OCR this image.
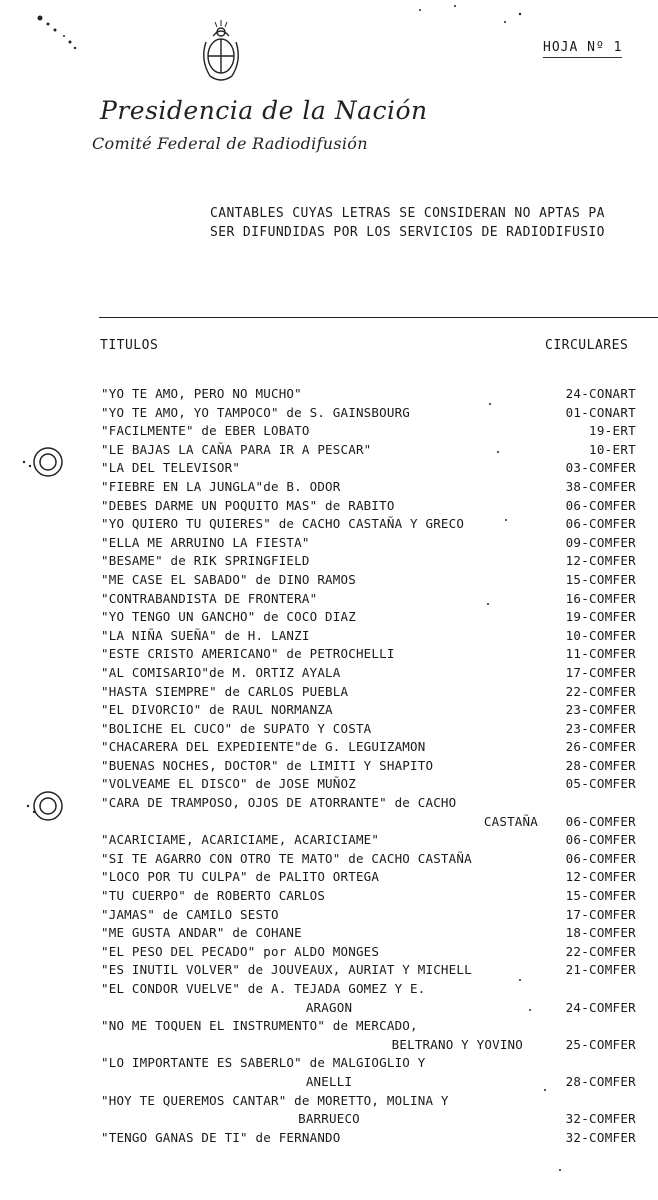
HOJA Nº 1
Presidencia de la Nación
Comité Federal de Radiodifusión
CANTABLES CUYAS LETRAS SE CONSIDERAN NO APTAS PA
SER DIFUNDIDAS POR LOS SERVICIOS DE RADIODIFUSIO
TITULOS	CIRCULARES
"YO TE AMO, PERO NO MUCHO"	24-CONART
"YO TE AMO, YO TAMPOCO" de S. GAINSBOURG	01-CONART
"FACILMENTE" de EBER LOBATO	19-ERT
"LE BAJAS LA CAÑA PARA IR A PESCAR"	10-ERT
"LA DEL TELEVISOR"	03-COMFER
"FIEBRE EN LA JUNGLA"de B. ODOR	38-COMFER
"DEBES DARME UN POQUITO MAS" de RABITO	06-COMFER
"YO QUIERO TU QUIERES" de CACHO CASTAÑA Y GRECO	06-COMFER
"ELLA ME ARRUINO LA FIESTA"	09-COMFER
"BESAME" de RIK SPRINGFIELD	12-COMFER
"ME CASE EL SABADO" de DINO RAMOS	15-COMFER
"CONTRABANDISTA DE FRONTERA"	16-COMFER
"YO TENGO UN GANCHO" de COCO DIAZ	19-COMFER
"LA NIÑA SUEÑA" de H. LANZI	10-COMFER
"ESTE CRISTO AMERICANO" de PETROCHELLI	11-COMFER
"AL COMISARIO"de M. ORTIZ AYALA	17-COMFER
"HASTA SIEMPRE" de CARLOS PUEBLA	22-COMFER
"EL DIVORCIO" de RAUL NORMANZA	23-COMFER
"BOLICHE EL CUCO" de SUPATO Y COSTA	23-COMFER
"CHACARERA DEL EXPEDIENTE"de G. LEGUIZAMON	26-COMFER
"BUENAS NOCHES, DOCTOR" de LIMITI Y SHAPITO	28-COMFER
"VOLVEAME EL DISCO" de JOSE MUÑOZ	05-COMFER
"CARA DE TRAMPOSO, OJOS DE ATORRANTE" de CACHO
CASTAÑA 06-COMFER
"ACARICIAME, ACARICIAME, ACARICIAME"	06-COMFER
"SI TE AGARRO CON OTRO TE MATO" de CACHO CASTAÑA	06-COMFER
"LOCO POR TU CULPA" de PALITO ORTEGA	12-COMFER
"TU CUERPO" de ROBERTO CARLOS	15-COMFER
"JAMAS" de CAMILO SESTO	17-COMFER
"ME GUSTA ANDAR" de COHANE	18-COMFER
"EL PESO DEL PECADO" por ALDO MONGES	22-COMFER
"ES INUTIL VOLVER" de JOUVEAUX, AURIAT Y MICHELL	21-COMFER
"EL CONDOR VUELVE" de A. TEJADA GOMEZ Y E.
ARAGON	24-COMFER
"NO ME TOQUEN EL INSTRUMENTO" de MERCADO,
BELTRANO Y YOVINO	25-COMFER
"LO IMPORTANTE ES SABERLO" de MALGIOGLIO Y
ANELLI	28-COMFER
"HOY TE QUEREMOS CANTAR" de MORETTO, MOLINA Y
BARRUECO	32-COMFER
"TENGO GANAS DE TI" de FERNANDO	32-COMFER
